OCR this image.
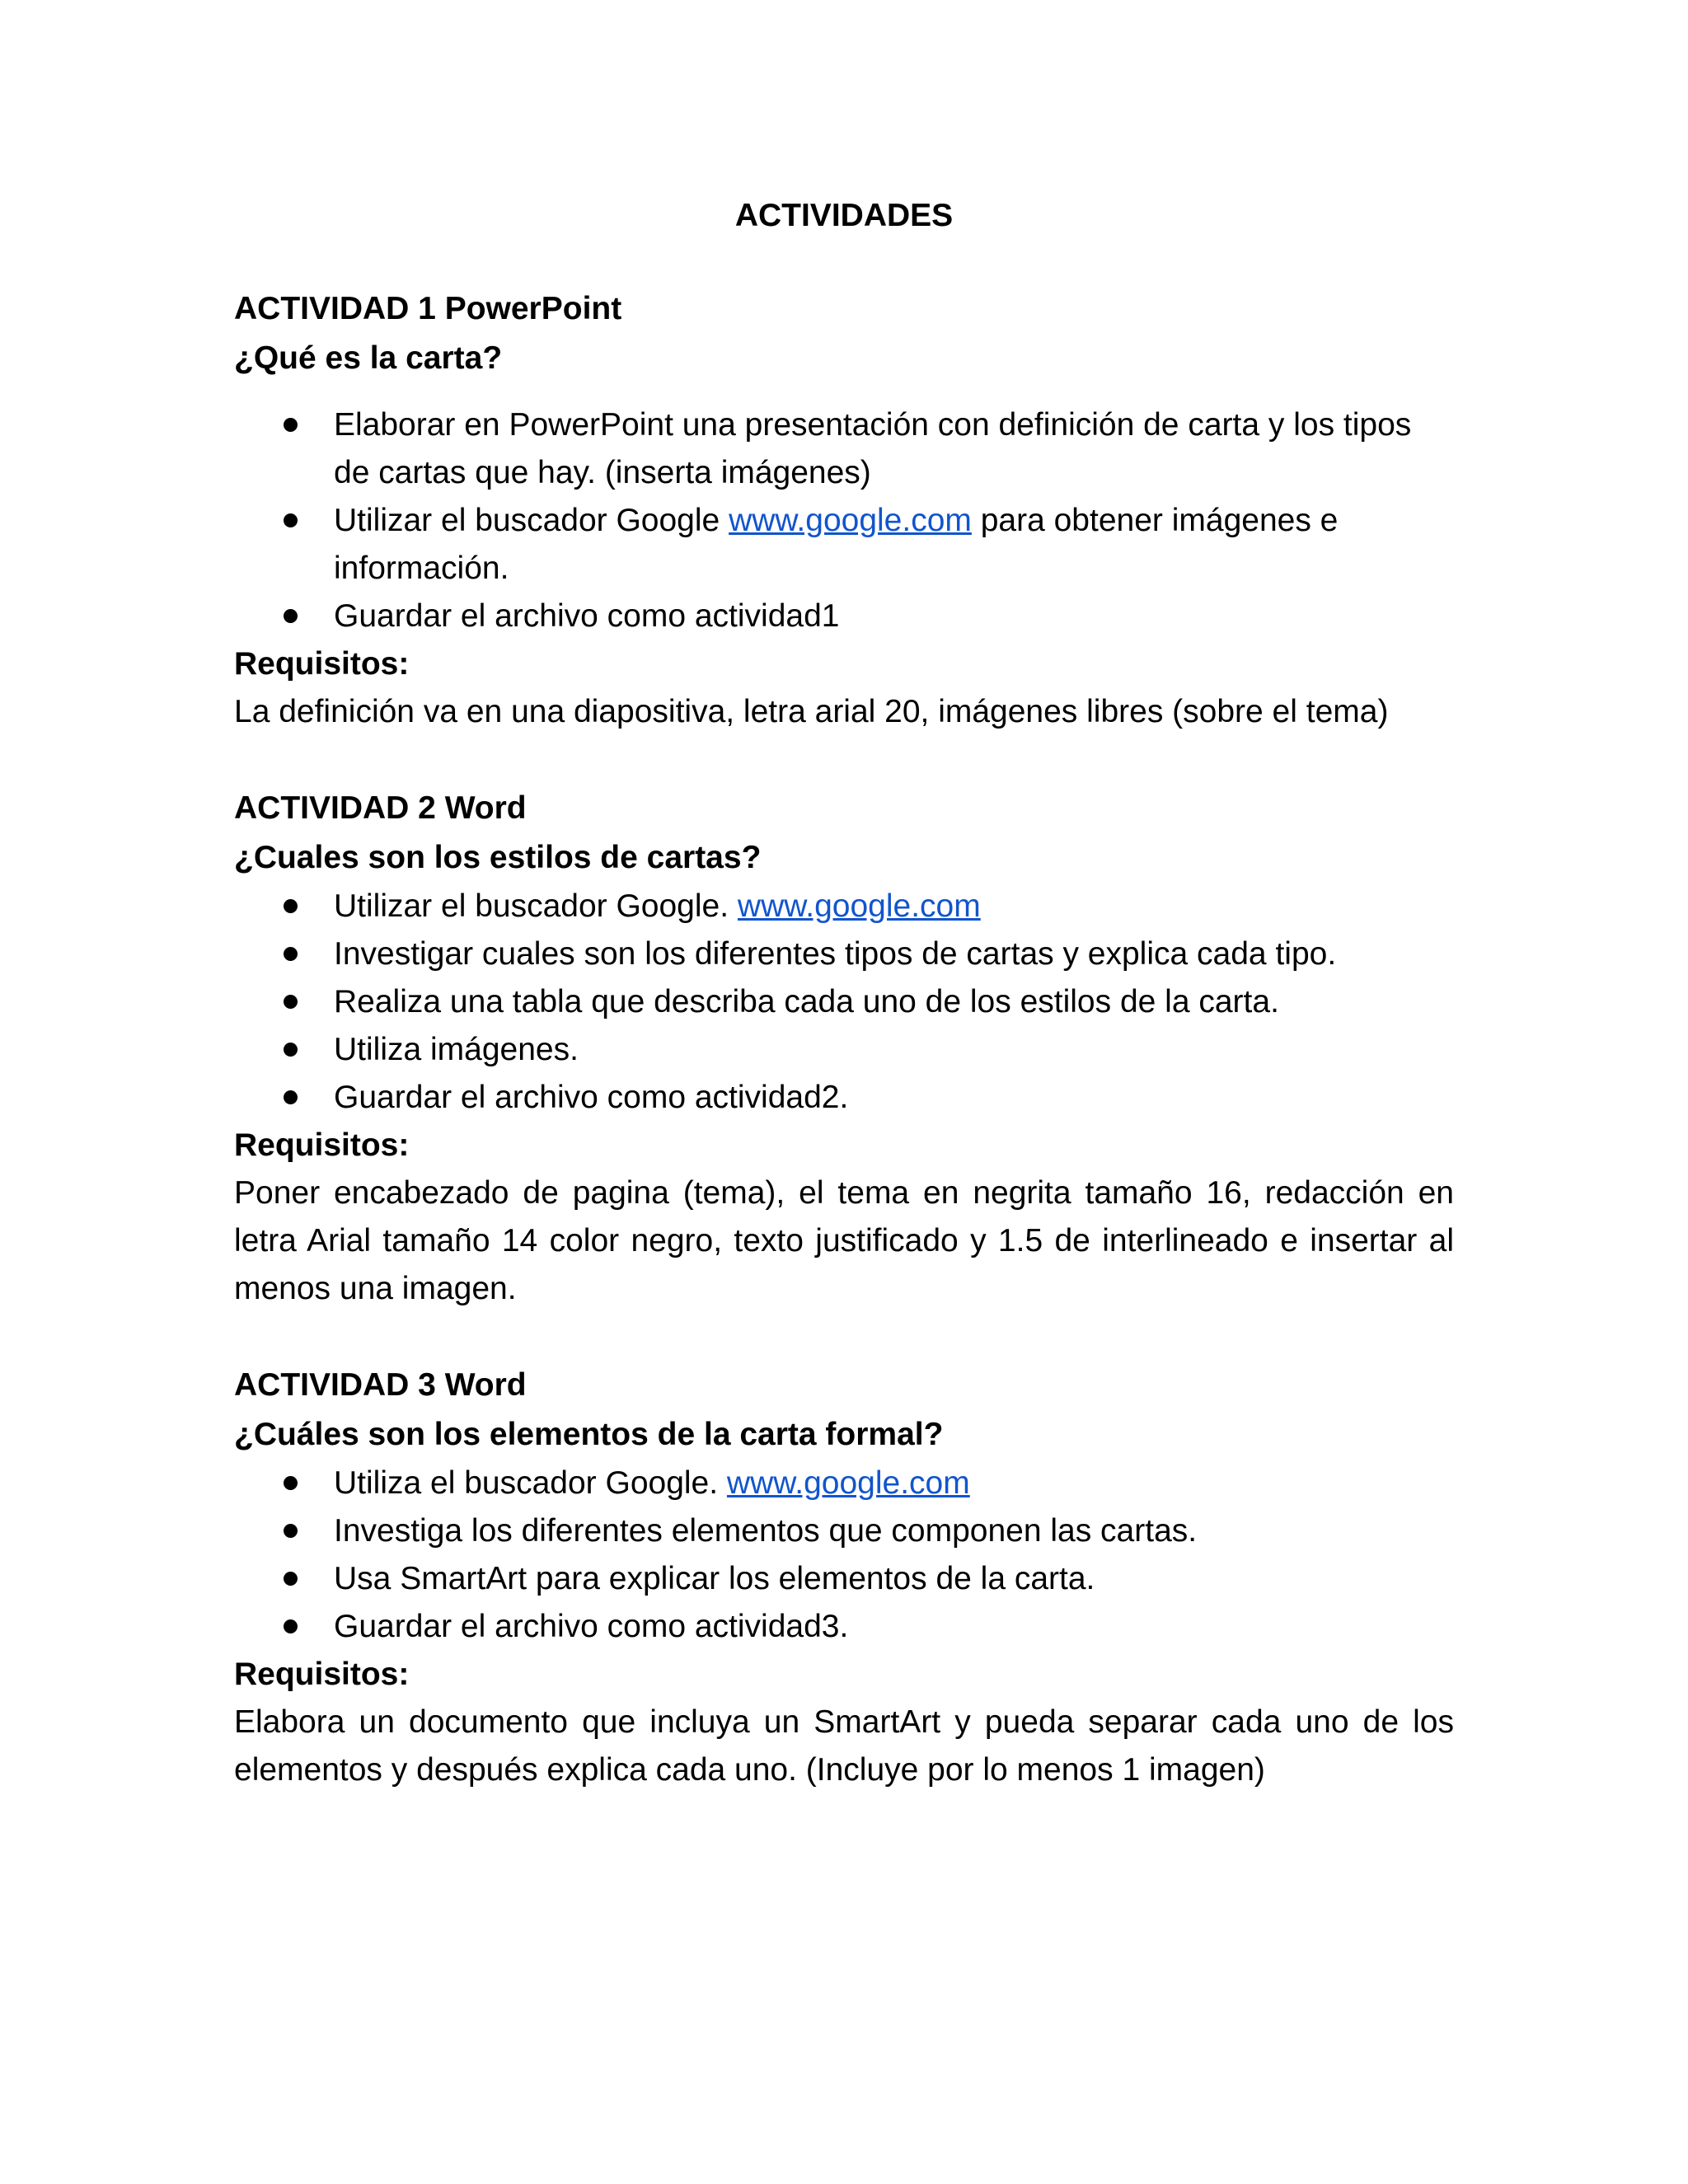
ACTIVIDADES
ACTIVIDAD 1 PowerPoint
¿Qué es la carta?
Elaborar en PowerPoint una presentación con definición de carta y los tipos de cartas que hay. (inserta imágenes)
Utilizar el buscador Google www.google.com para obtener imágenes e información.
Guardar el archivo como actividad1
Requisitos:
La definición va en una diapositiva, letra arial 20, imágenes libres (sobre el tema)
ACTIVIDAD 2 Word
¿Cuales son los estilos de cartas?
Utilizar el buscador Google. www.google.com
Investigar cuales son los diferentes tipos de cartas y explica cada tipo.
Realiza una tabla que describa cada uno de los estilos de la carta.
Utiliza imágenes.
Guardar el archivo como actividad2.
Requisitos:
Poner encabezado de pagina (tema), el tema en negrita tamaño 16, redacción en letra Arial tamaño 14 color negro, texto justificado y 1.5 de interlineado e insertar al menos una imagen.
ACTIVIDAD 3 Word
¿Cuáles son los elementos de la carta formal?
Utiliza el buscador Google. www.google.com
Investiga los diferentes elementos que componen las cartas.
Usa SmartArt para explicar los elementos de la carta.
Guardar el archivo como actividad3.
Requisitos:
Elabora un documento que incluya un SmartArt y pueda separar cada uno de los elementos y después explica cada uno. (Incluye por lo menos 1 imagen)
